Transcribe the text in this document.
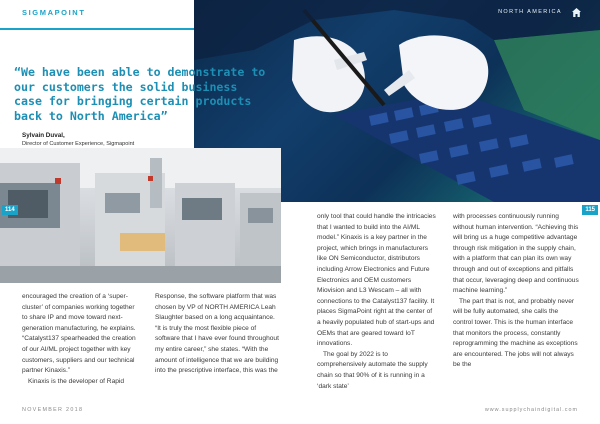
SIGMAPOINT	NORTH AMERICA

“We have been able to demonstrate to our customers the solid business case for bringing certain products back to North America”

Sylvain Duval,
Director of Customer Experience, Sigmapoint
114	115

encouraged the creation of a ‘super-cluster’ of companies working together to share IP and move toward next-generation manufacturing, he explains. “Catalyst137 spearheaded the creation of our AI/ML project together with key customers, suppliers and our technical partner Kinaxis.”

Kinaxis is the developer of Rapid

Response, the software platform that was chosen by VP of NORTH AMERICA Leah Slaughter based on a long acquaintance. “It is truly the most flexible piece of software that I have ever found throughout my entire career,” she states. “With the amount of intelligence that we are building into the prescriptive interface, this was the

only tool that could handle the intricacies that I wanted to build into the AI/ML model.” Kinaxis is a key partner in the project, which brings in manufacturers like ON Semiconductor, distributors including Arrow Electronics and Future Electronics and OEM customers Miovision and L3 Wescam – all with connections to the Catalyst137 facility. It places SigmaPoint right at the center of a heavily populated hub of start-ups and OEMs that are geared toward IoT innovations.

The goal by 2022 is to comprehensively automate the supply chain so that 90% of it is running in a ‘dark state’

with processes continuously running without human intervention. “Achieving this will bring us a huge competitive advantage through risk mitigation in the supply chain, with a platform that can plan its own way through and out of exceptions and pitfalls that occur, leveraging deep and continuous machine learning.”

The part that is not, and probably never will be fully automated, she calls the control tower. This is the human interface that monitors the process, constantly reprogramming the machine as exceptions are encountered. The jobs will not always be the

NOVEMBER 2018	www.supplychaindigital.com
